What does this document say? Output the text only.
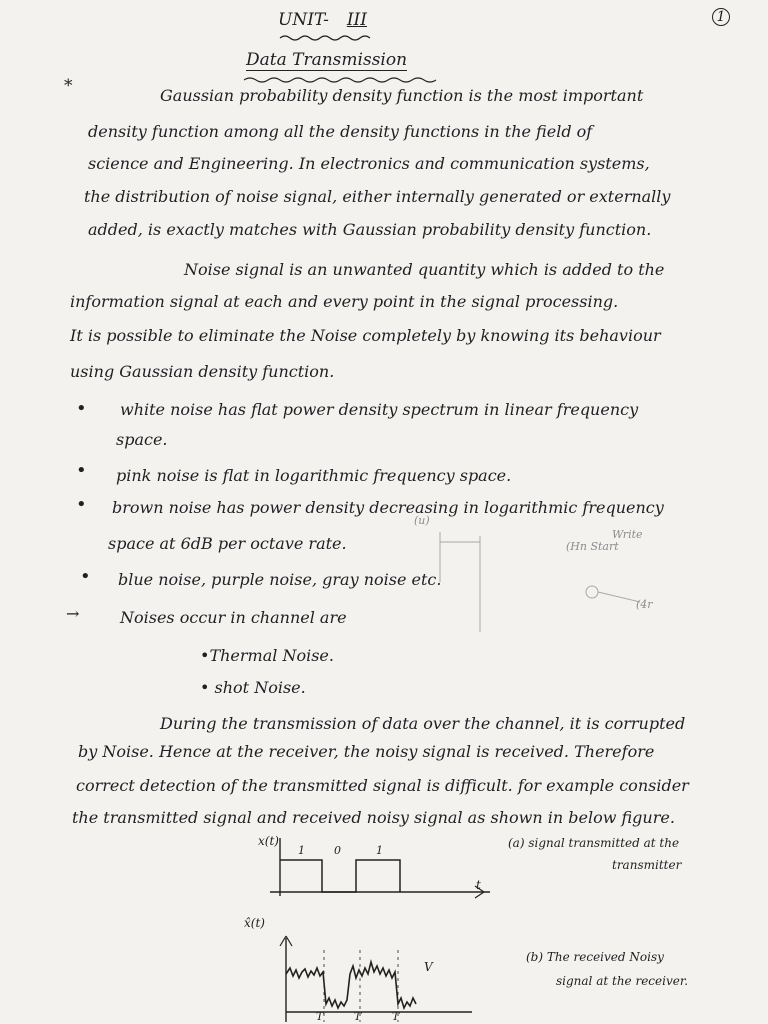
UNIT- III	1
Data Transmission
*	Gaussian probability density function is the most important
density function among all the density functions in the field of
science and Engineering. In electronics and communication systems,
the distribution of noise signal, either internally generated or externally
added, is exactly matches with Gaussian probability density function.
Noise signal is an unwanted quantity which is added to the
information signal at each and every point in the signal processing.
It is possible to eliminate the Noise completely by knowing its behaviour
using Gaussian density function.
• white noise has flat power density spectrum in linear frequency
space.
• pink noise is flat in logarithmic frequency space.
• brown noise has power density decreasing in logarithmic frequency
space at 6dB per octave rate.
• blue noise, purple noise, gray noise etc.
(Hn Start
Write
(4r
(u)
→	Noises occur in channel are
•Thermal Noise.
• shot Noise.
During the transmission of data over the channel, it is corrupted
by Noise. Hence at the receiver, the noisy signal is received. Therefore
correct detection of the transmitted signal is difficult. for example consider
the transmitted signal and received noisy signal as shown in below figure.
x(t)
t
1	0	1
(a) signal transmitted at the
transmitter
x̂(t)
V
T	T	T
(b) The received Noisy
signal at the receiver.
